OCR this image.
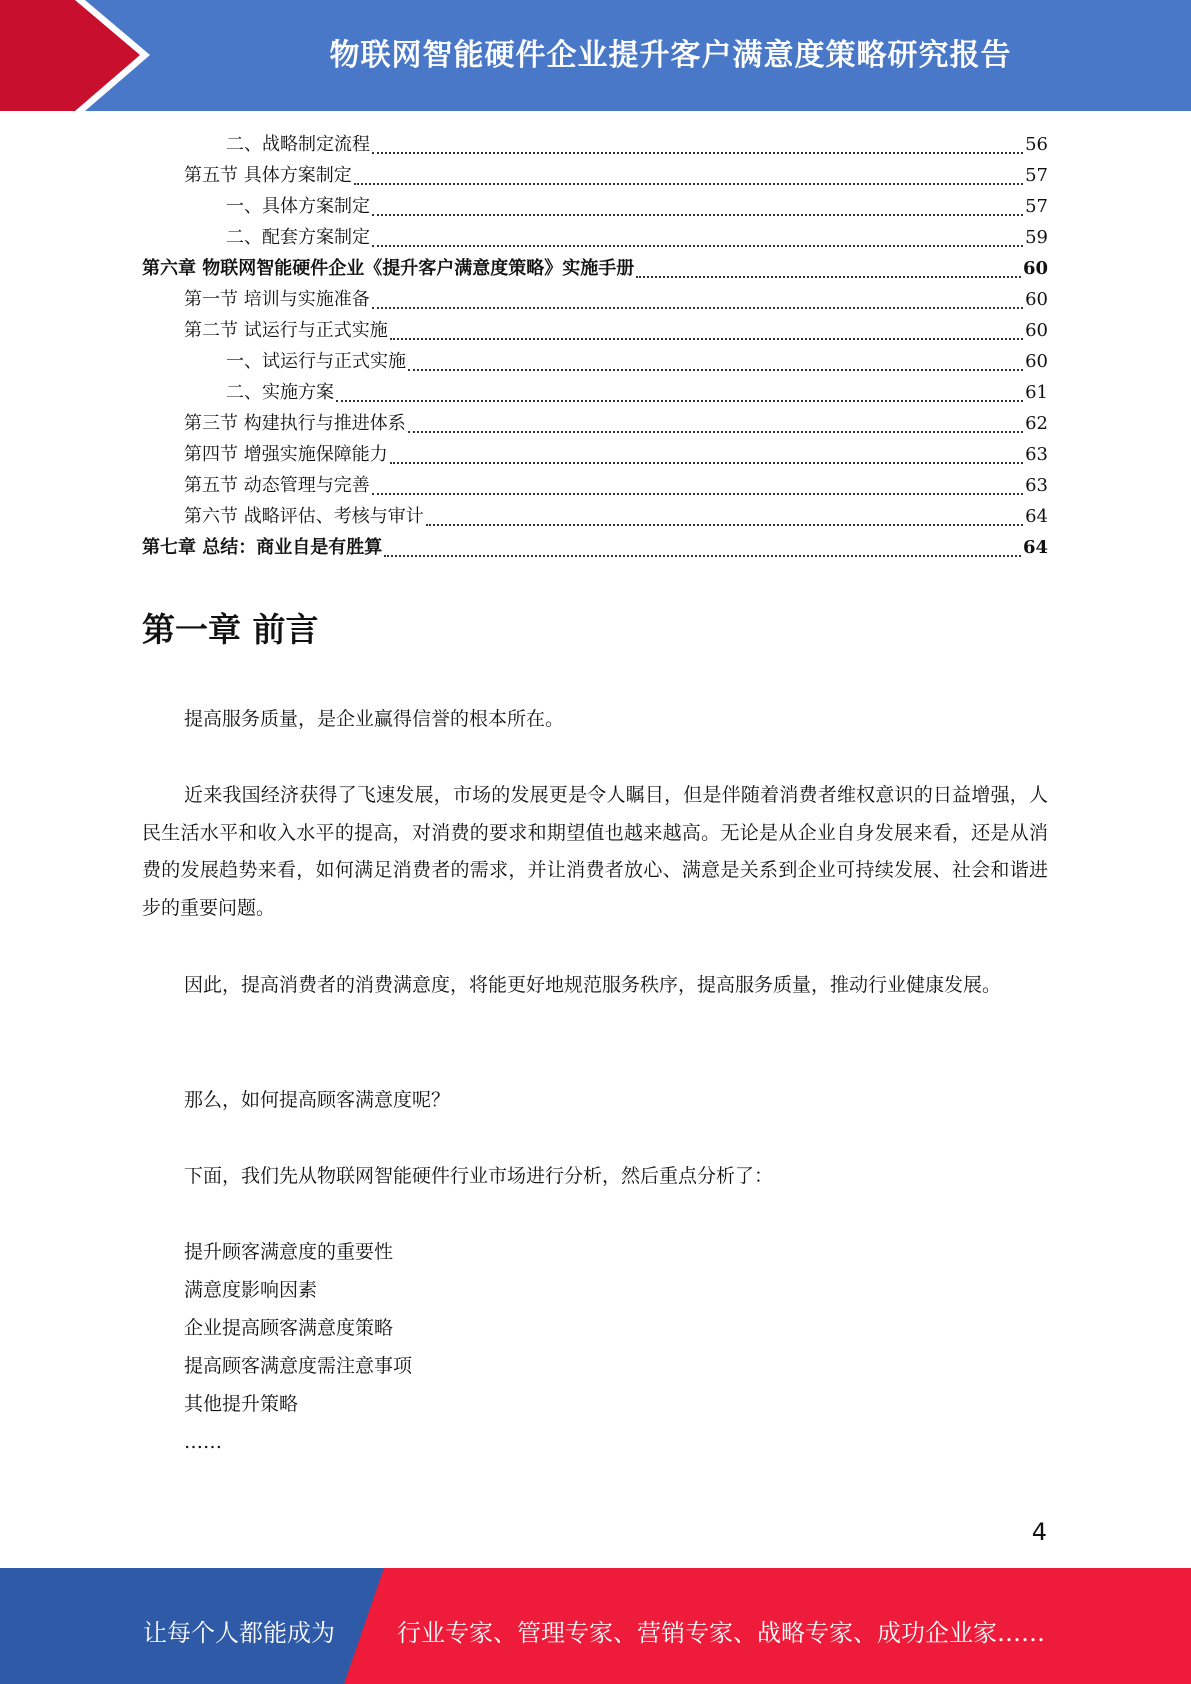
物联网智能硬件企业提升客户满意度策略研究报告
二、战略制定流程	56
第五节 具体方案制定	57
一、具体方案制定	57
二、配套方案制定	59
第六章 物联网智能硬件企业《提升客户满意度策略》实施手册	60
第一节 培训与实施准备	60
第二节 试运行与正式实施	60
一、试运行与正式实施	60
二、实施方案	61
第三节 构建执行与推进体系	62
第四节 增强实施保障能力	63
第五节 动态管理与完善	63
第六节 战略评估、考核与审计	64
第七章 总结：商业自是有胜算	64
第一章 前言
提高服务质量，是企业赢得信誉的根本所在。
近来我国经济获得了飞速发展，市场的发展更是令人瞩目，但是伴随着消费者维权意识的日益增强，人民生活水平和收入水平的提高，对消费的要求和期望值也越来越高。无论是从企业自身发展来看，还是从消费的发展趋势来看，如何满足消费者的需求，并让消费者放心、满意是关系到企业可持续发展、社会和谐进步的重要问题。
因此，提高消费者的消费满意度，将能更好地规范服务秩序，提高服务质量，推动行业健康发展。
那么，如何提高顾客满意度呢？
下面，我们先从物联网智能硬件行业市场进行分析，然后重点分析了：
提升顾客满意度的重要性
满意度影响因素
企业提高顾客满意度策略
提高顾客满意度需注意事项
其他提升策略
……
4
让每个人都能成为	行业专家、管理专家、营销专家、战略专家、成功企业家……
